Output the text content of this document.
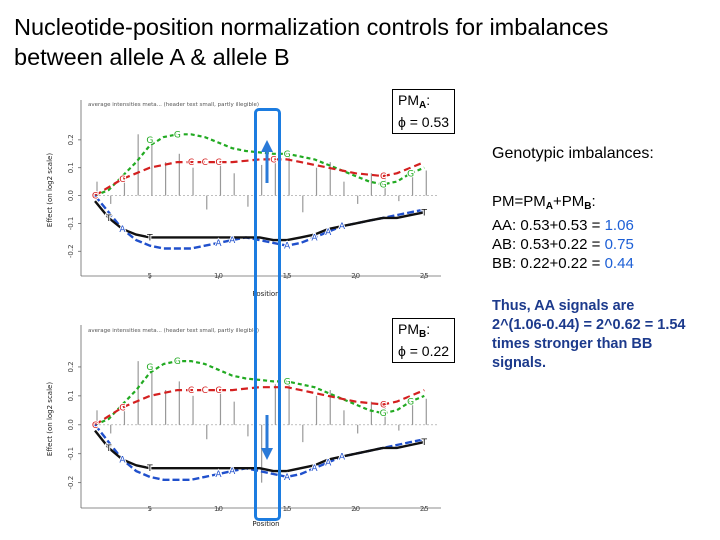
Nucleotide-position normalization controls for imbalances between allele A & allele B
average intensities meta... (header text small, partly illegible)
0.2
0.1
0.0
-0.1
-0.2
5	10	15	20	25
Position
Effect (on log2 scale)	C
T
C
A
G
T
G
C C C
A A
C
G
A
A
A
A
C
G
G
T
average intensities meta... (header text small, partly illegible)
0.2
0.1
0.0
-0.1
-0.2
5	10	15	20	25
Position
Effect (on log2 scale)	C
T
C
A
G
T
G
C C C
A A
G
A
A
A
A
C
G
G
T
$PM_A$:
ϕ = 0.53
$PM_B$:
ϕ = 0.22
Genotypic imbalances:
$PM=PM_A+PM_B$:
AA: 0.53+0.53 = 1.06
AB: 0.53+0.22 = 0.75
BB: 0.22+0.22 = 0.44
Thus, AA signals are 2^(1.06-0.44) = 2^0.62 = 1.54 times stronger than BB signals.
